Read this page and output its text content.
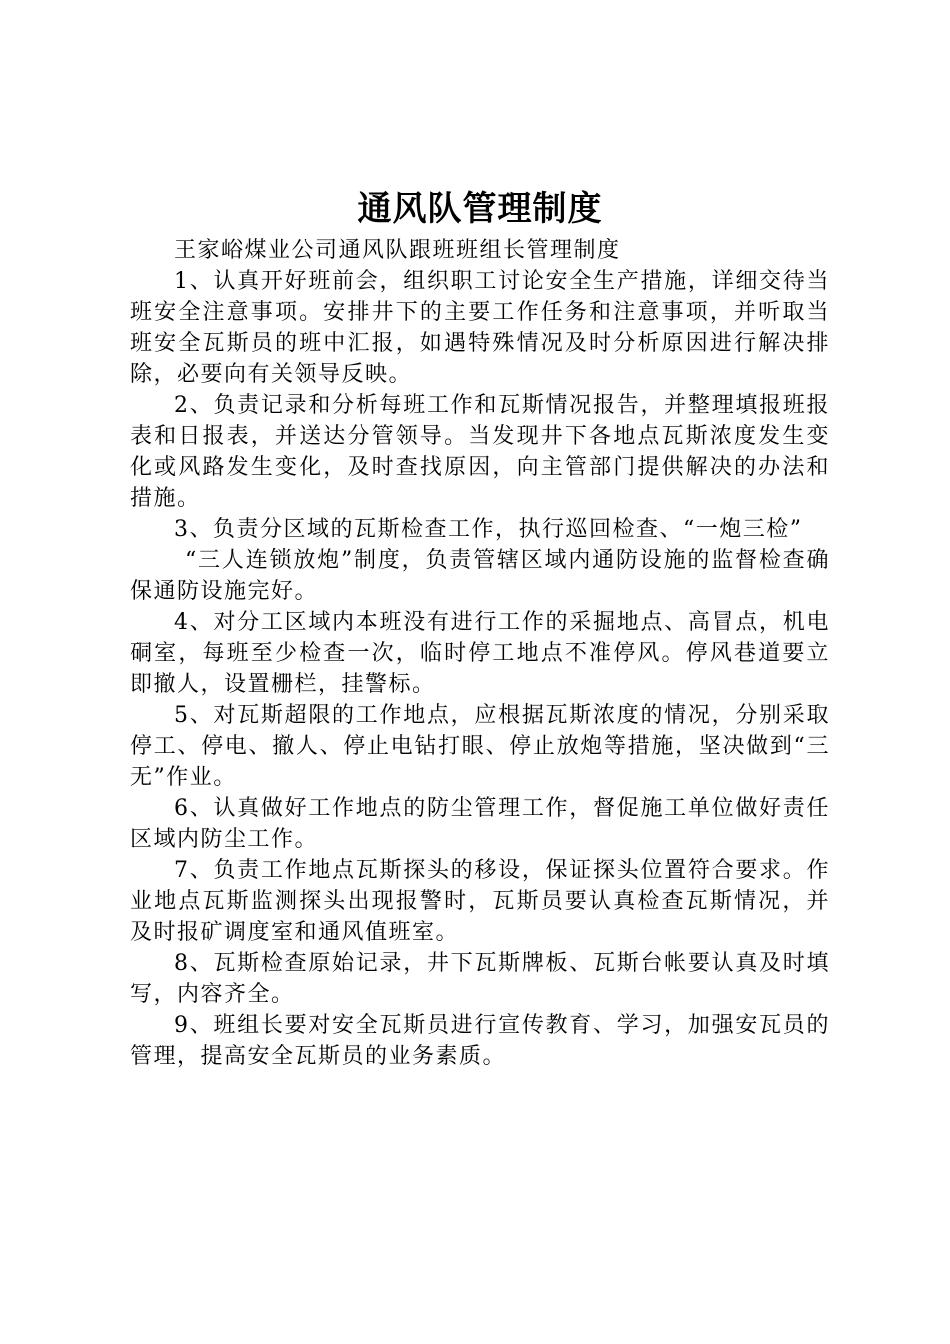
通风队管理制度

王家峪煤业公司通风队跟班班组长管理制度

1、认真开好班前会，组织职工讨论安全生产措施，详细交待当班安全注意事项。安排井下的主要工作任务和注意事项，并听取当班安全瓦斯员的班中汇报，如遇特殊情况及时分析原因进行解决排除，必要向有关领导反映。

2、负责记录和分析每班工作和瓦斯情况报告，并整理填报班报表和日报表，并送达分管领导。当发现井下各地点瓦斯浓度发生变化或风路发生变化，及时查找原因，向主管部门提供解决的办法和措施。

3、负责分区域的瓦斯检查工作，执行巡回检查、“一炮三检”

“三人连锁放炮”制度，负责管辖区域内通防设施的监督检查确保通防设施完好。

4、对分工区域内本班没有进行工作的采掘地点、高冒点，机电硐室，每班至少检查一次，临时停工地点不准停风。停风巷道要立即撤人，设置栅栏，挂警标。

5、对瓦斯超限的工作地点，应根据瓦斯浓度的情况，分别采取停工、停电、撤人、停止电钻打眼、停止放炮等措施，坚决做到“三无”作业。

6、认真做好工作地点的防尘管理工作，督促施工单位做好责任区域内防尘工作。

7、负责工作地点瓦斯探头的移设，保证探头位置符合要求。作业地点瓦斯监测探头出现报警时，瓦斯员要认真检查瓦斯情况，并及时报矿调度室和通风值班室。

8、瓦斯检查原始记录，井下瓦斯牌板、瓦斯台帐要认真及时填写，内容齐全。

9、班组长要对安全瓦斯员进行宣传教育、学习，加强安瓦员的管理，提高安全瓦斯员的业务素质。
